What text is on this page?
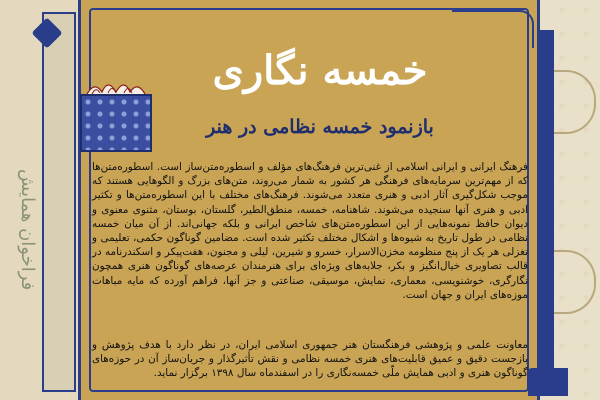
فراخوان همایش
خمسه نگاری
بازنمود خمسه نظامی در هنر
فرهنگ ایرانی و ایرانی اسلامی از غنی‌ترین فرهنگ‌های مؤلف و اسطوره‌متن‌ساز است. اسطوره‌متن‌ها که از مهم‌ترین سرمایه‌های فرهنگی هر کشور به شمار می‌روند، متن‌های بزرگ و الگوهایی هستند که موجب شکل‌گیری آثار ادبی و هنری متعدد می‌شوند. فرهنگ‌های مختلف با این اسطوره‌متن‌ها و تکثیر ادبی و هنری آنها سنجیده می‌شوند. شاهنامه، خمسه، منطق‌الطیر، گلستان، بوستان، مثنوی معنوی و دیوان حافظ نمونه‌هایی از این اسطوره‌متن‌های شاخص ایرانی و بلکه جهانی‌اند. از آن میان خمسه نظامی در طول تاریخ به شیوه‌ها و اشکال مختلف تکثیر شده است. مضامین گوناگون حکمی، تعلیمی و تغزلی هر یک از پنج منظومه مخزن‌الاسرار، خسرو و شیرین، لیلی و مجنون، هفت‌پیکر و اسکندرنامه در قالب تصاویری خیال‌انگیز و بکر، جلابه‌های ویژه‌ای برای هنرمندان عرصه‌های گوناگون هنری همچون نگارگری، خوشنویسی، معماری، نمایش، موسیقی، صناعتی و جز آنها، فراهم آورده که مایه مباهات موزه‌های ایران و جهان است.
معاونت علمی و پژوهشی فرهنگستان هنر جمهوری اسلامی ایران، در نظر دارد با هدف پژوهش و بازجست دقیق و عمیق قابلیت‌های هنری خمسه نظامی و نقش تأثیرگذار و جریان‌ساز آن در حوزه‌های گوناگون هنری و ادبی همایش ملّی خمسه‌نگاری را در اسفندماه سال ۱۳۹۸ برگزار نماید.
